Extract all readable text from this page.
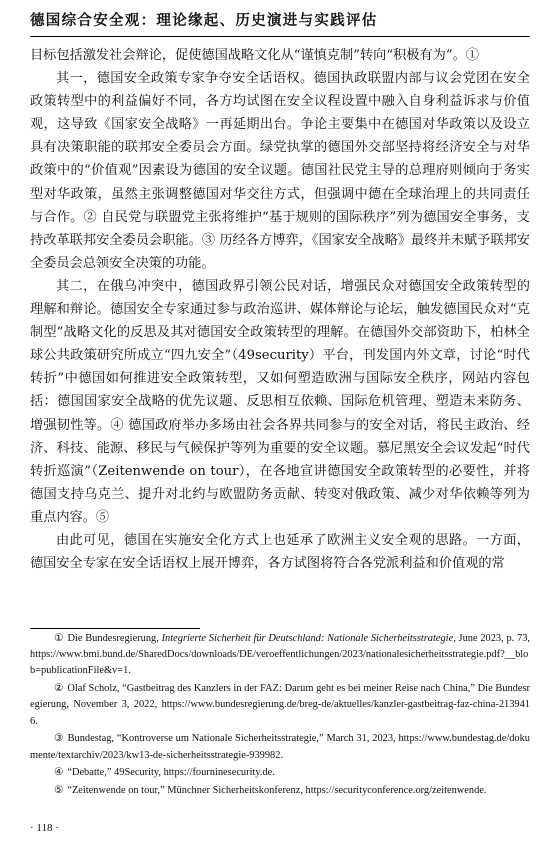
德国综合安全观：理论缘起、历史演进与实践评估

目标包括激发社会辩论，促使德国战略文化从“谨慎克制”转向“积极有为”。①

其一，德国安全政策专家争夺安全话语权。德国执政联盟内部与议会党团在安全政策转型中的利益偏好不同，各方均试图在安全议程设置中融入自身利益诉求与价值观，这导致《国家安全战略》一再延期出台。争论主要集中在德国对华政策以及设立具有决策职能的联邦安全委员会方面。绿党执掌的德国外交部坚持将经济安全与对华政策中的“价值观”因素设为德国的安全议题。德国社民党主导的总理府则倾向于务实型对华政策，虽然主张调整德国对华交往方式，但强调中德在全球治理上的共同责任与合作。② 自民党与联盟党主张将维护“基于规则的国际秩序”列为德国安全事务，支持改革联邦安全委员会职能。③ 历经各方博弈，《国家安全战略》最终并未赋予联邦安全委员会总领安全决策的功能。

其二，在俄乌冲突中，德国政界引领公民对话，增强民众对德国安全政策转型的理解和辩论。德国安全专家通过参与政治巡讲、媒体辩论与论坛，触发德国民众对“克制型”战略文化的反思及其对德国安全政策转型的理解。在德国外交部资助下，柏林全球公共政策研究所成立“四九安全”（49security）平台，刊发国内外文章，讨论“时代转折”中德国如何推进安全政策转型，又如何塑造欧洲与国际安全秩序，网站内容包括：德国国家安全战略的优先议题、反思相互依赖、国际危机管理、塑造未来防务、增强韧性等。④ 德国政府举办多场由社会各界共同参与的安全对话，将民主政治、经济、科技、能源、移民与气候保护等列为重要的安全议题。慕尼黑安全会议发起“时代转折巡演”（Zeitenwende on tour），在各地宣讲德国安全政策转型的必要性，并将德国支持乌克兰、提升对北约与欧盟防务贡献、转变对俄政策、减少对华依赖等列为重点内容。⑤

由此可见，德国在实施安全化方式上也延承了欧洲主义安全观的思路。一方面，德国安全专家在安全话语权上展开博弈，各方试图将符合各党派利益和价值观的常

① Die Bundesregierung, Integrierte Sicherheit für Deutschland: Nationale Sicherheitsstrategie, June 2023, p. 73, https://www.bmi.bund.de/SharedDocs/downloads/DE/veroeffentlichungen/2023/nationalesicherheitsstrategie.pdf?__blob=publicationFile&v=1.

② Olaf Scholz, “Gastbeitrag des Kanzlers in der FAZ: Darum geht es bei meiner Reise nach China,” Die Bundesregierung, November 3, 2022, https://www.bundesregierung.de/breg-de/aktuelles/kanzler-gastbeitrag-faz-china-2139416.

③ Bundestag, “Kontroverse um Nationale Sicherheitsstrategie,” March 31, 2023, https://www.bundestag.de/dokumente/textarchiv/2023/kw13-de-sicherheitsstrategie-939982.

④ “Debatte,” 49Security, https://fourninesecurity.de.

⑤ “Zeitenwende on tour,” Münchner Sicherheitskonferenz, https://securityconference.org/zeitenwende.

· 118 ·
